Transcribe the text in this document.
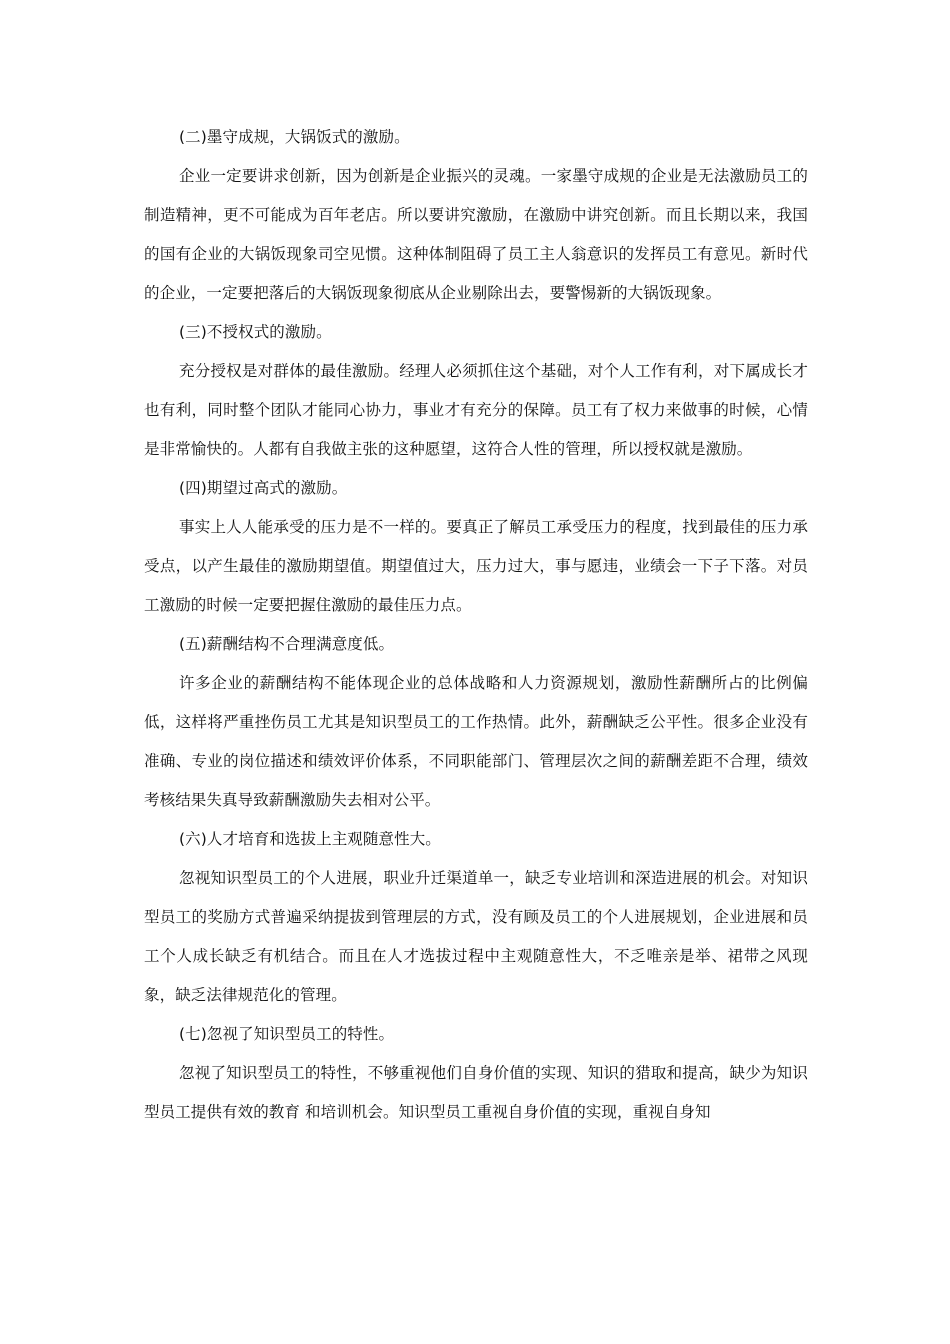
(二)墨守成规，大锅饭式的激励。

企业一定要讲求创新，因为创新是企业振兴的灵魂。一家墨守成规的企业是无法激励员工的制造精神，更不可能成为百年老店。所以要讲究激励，在激励中讲究创新。而且长期以来，我国的国有企业的大锅饭现象司空见惯。这种体制阻碍了员工主人翁意识的发挥员工有意见。新时代的企业，一定要把落后的大锅饭现象彻底从企业剔除出去，要警惕新的大锅饭现象。

(三)不授权式的激励。

充分授权是对群体的最佳激励。经理人必须抓住这个基础，对个人工作有利，对下属成长才也有利，同时整个团队才能同心协力，事业才有充分的保障。员工有了权力来做事的时候，心情是非常愉快的。人都有自我做主张的这种愿望，这符合人性的管理，所以授权就是激励。

(四)期望过高式的激励。

事实上人人能承受的压力是不一样的。要真正了解员工承受压力的程度，找到最佳的压力承受点，以产生最佳的激励期望值。期望值过大，压力过大，事与愿违，业绩会一下子下落。对员工激励的时候一定要把握住激励的最佳压力点。

(五)薪酬结构不合理满意度低。

许多企业的薪酬结构不能体现企业的总体战略和人力资源规划，激励性薪酬所占的比例偏低，这样将严重挫伤员工尤其是知识型员工的工作热情。此外，薪酬缺乏公平性。很多企业没有准确、专业的岗位描述和绩效评价体系，不同职能部门、管理层次之间的薪酬差距不合理，绩效考核结果失真导致薪酬激励失去相对公平。

(六)人才培育和选拔上主观随意性大。

忽视知识型员工的个人进展，职业升迁渠道单一，缺乏专业培训和深造进展的机会。对知识型员工的奖励方式普遍采纳提拔到管理层的方式，没有顾及员工的个人进展规划，企业进展和员工个人成长缺乏有机结合。而且在人才选拔过程中主观随意性大，不乏唯亲是举、裙带之风现象，缺乏法律规范化的管理。

(七)忽视了知识型员工的特性。

忽视了知识型员工的特性，不够重视他们自身价值的实现、知识的猎取和提高，缺少为知识型员工提供有效的教育 和培训机会。知识型员工重视自身价值的实现，重视自身知
